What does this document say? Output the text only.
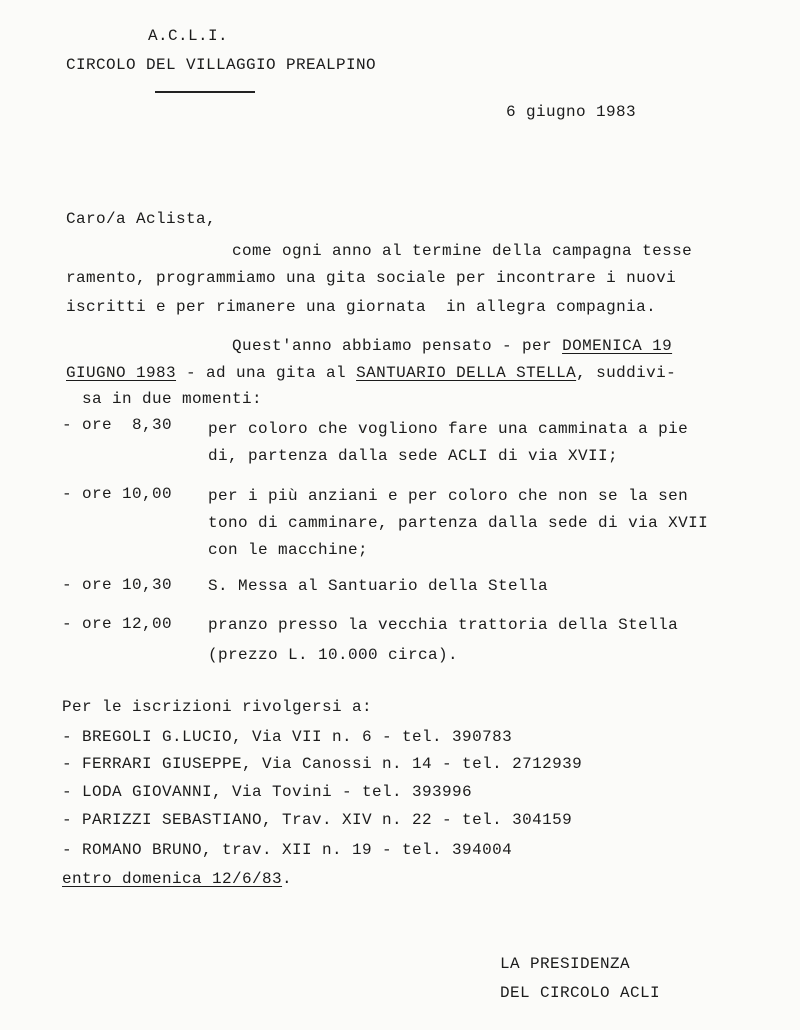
A.C.L.I.
CIRCOLO DEL VILLAGGIO PREALPINO
6 giugno 1983
Caro/a Aclista,
come ogni anno al termine della campagna tesse
ramento, programmiamo una gita sociale per incontrare i nuovi
iscritti e per rimanere una giornata  in allegra compagnia.
Quest'anno abbiamo pensato - per DOMENICA 19
GIUGNO 1983 - ad una gita al SANTUARIO DELLA STELLA, suddivi-
sa in due momenti:
- ore  8,30 per coloro che vogliono fare una camminata a pie
di, partenza dalla sede ACLI di via XVII;
- ore 10,00 per i più anziani e per coloro che non se la sen
tono di camminare, partenza dalla sede di via XVII
con le macchine;
- ore 10,30 S. Messa al Santuario della Stella
- ore 12,00 pranzo presso la vecchia trattoria della Stella
(prezzo L. 10.000 circa).
Per le iscrizioni rivolgersi a:
- BREGOLI G.LUCIO, Via VII n. 6 - tel. 390783
- FERRARI GIUSEPPE, Via Canossi n. 14 - tel. 2712939
- LODA GIOVANNI, Via Tovini - tel. 393996
- PARIZZI SEBASTIANO, Trav. XIV n. 22 - tel. 304159
- ROMANO BRUNO, trav. XII n. 19 - tel. 394004
entro domenica 12/6/83.
LA PRESIDENZA
DEL CIRCOLO ACLI
